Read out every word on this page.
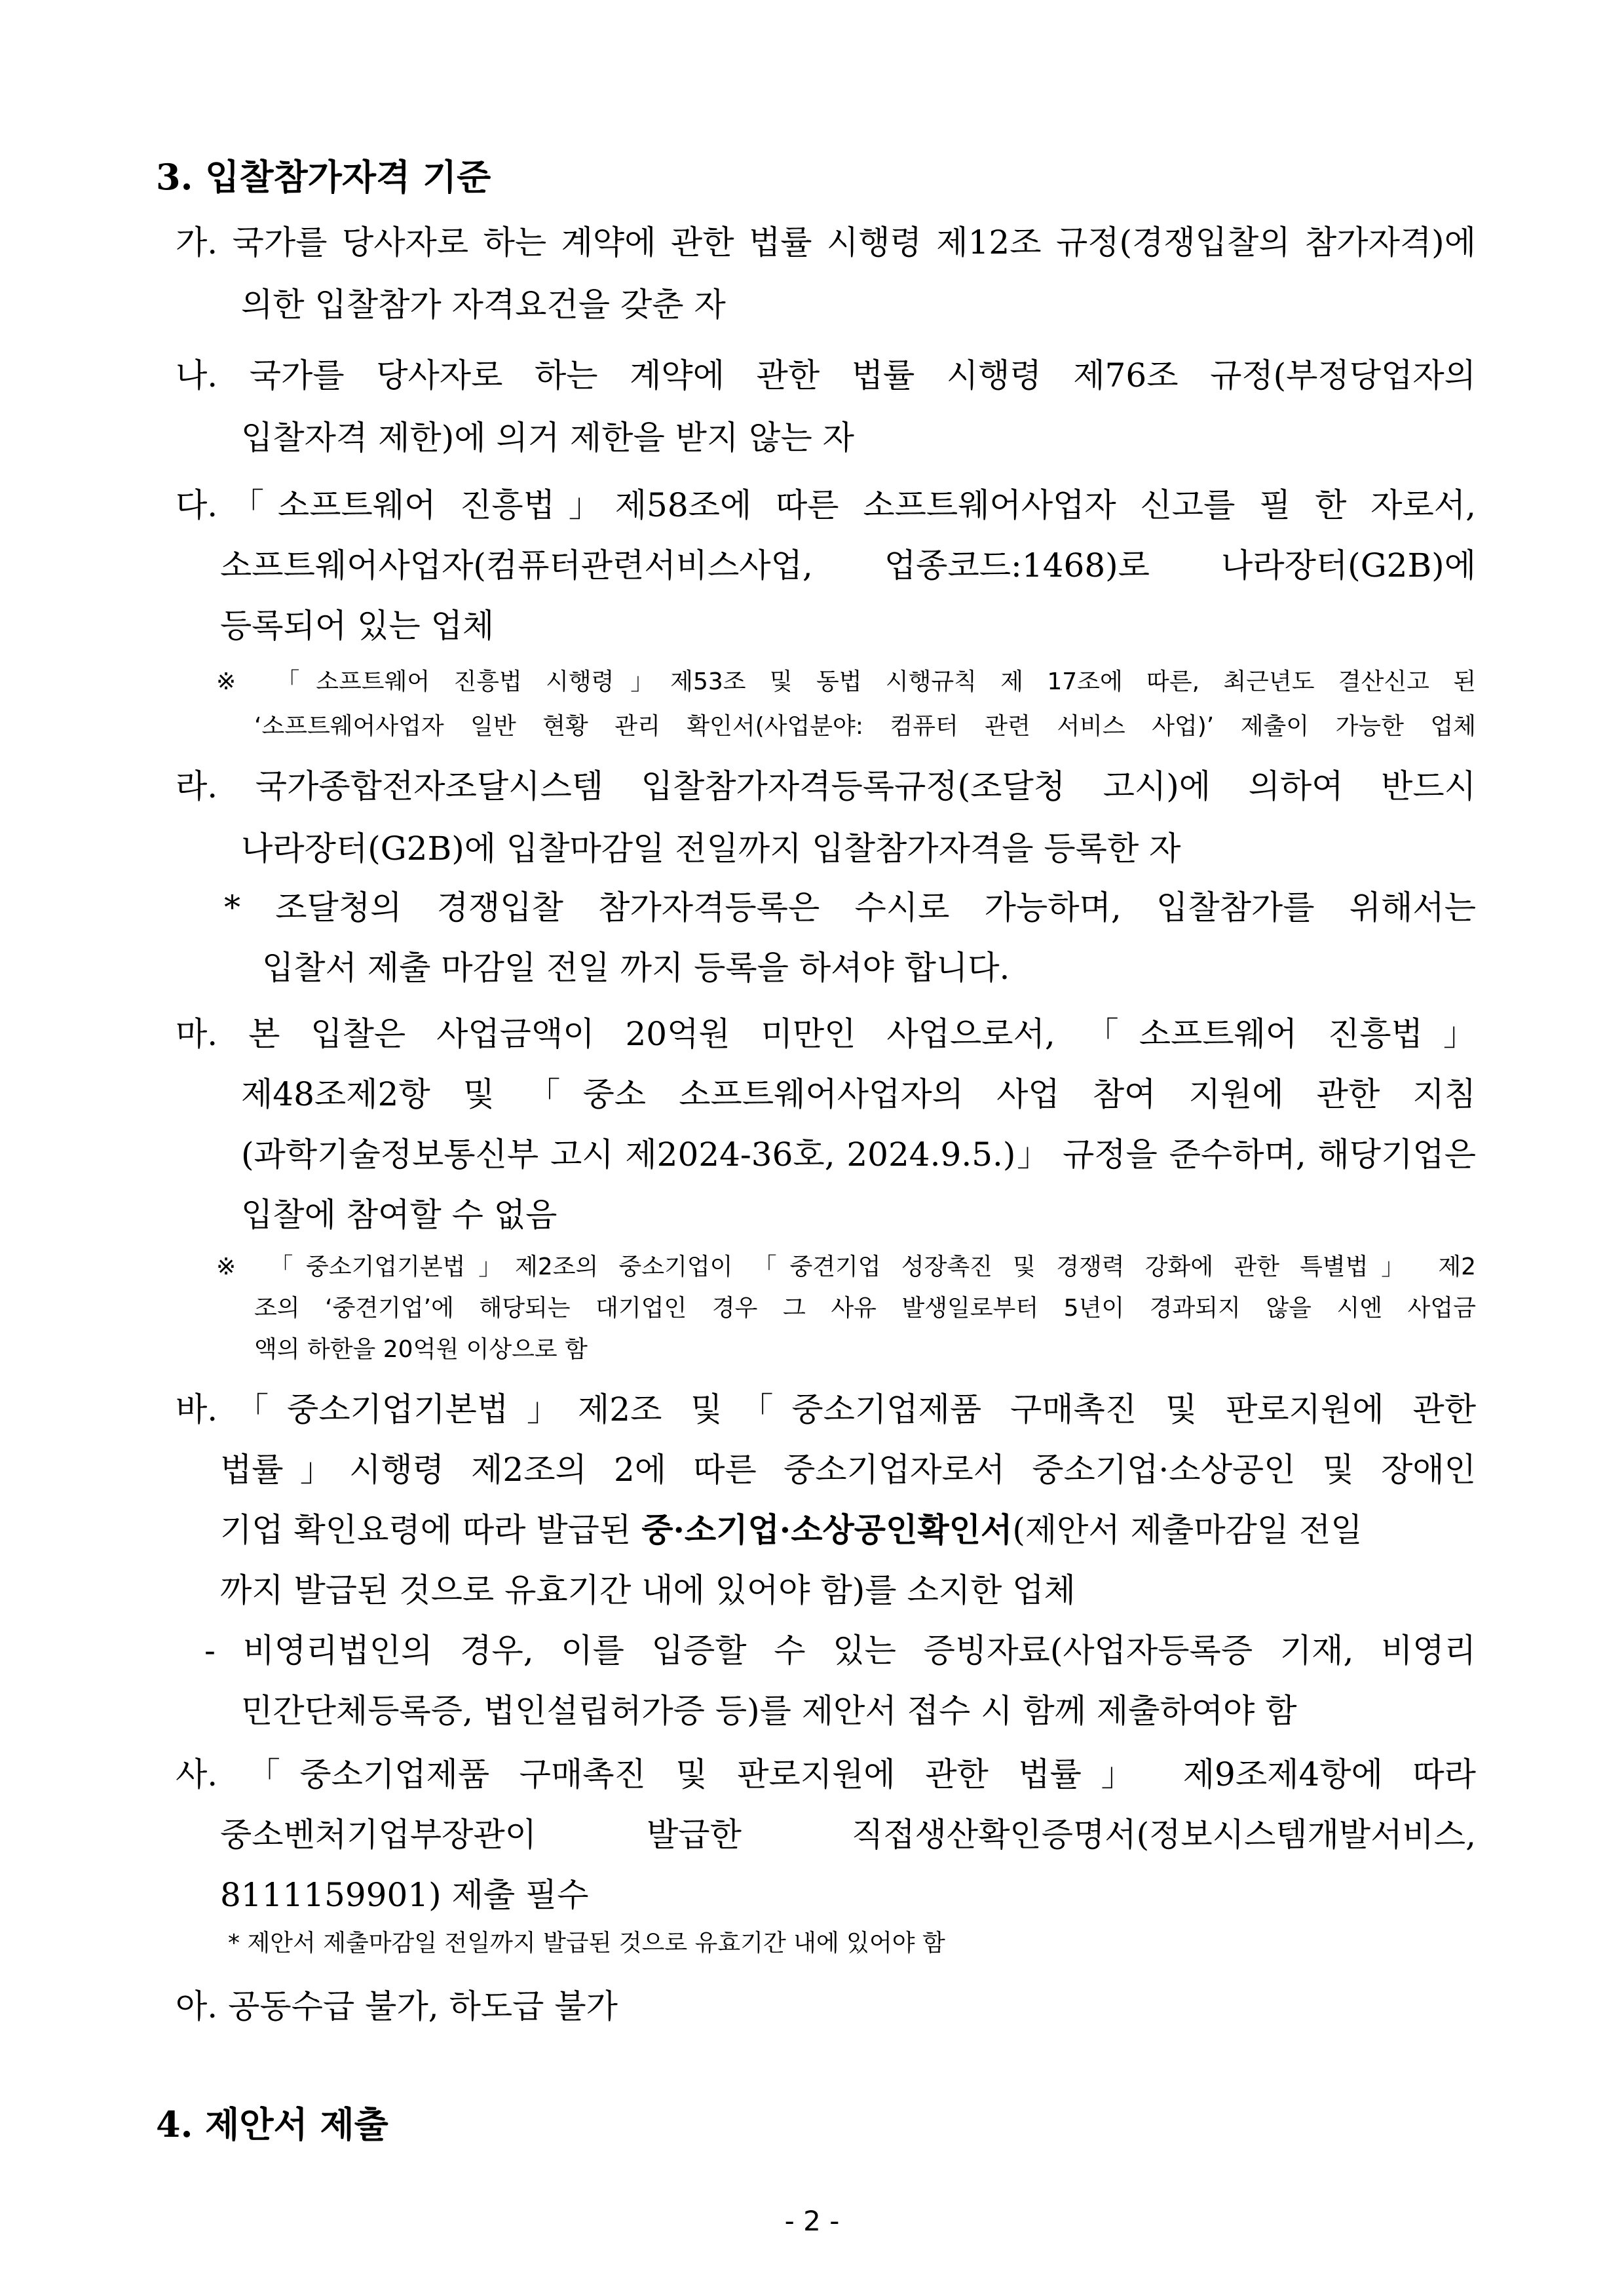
3. 입찰참가자격 기준
가. 국가를 당사자로 하는 계약에 관한 법률 시행령 제12조 규정(경쟁입찰의 참가자격)에
의한 입찰참가 자격요건을 갖춘 자
나. 국가를 당사자로 하는 계약에 관한 법률 시행령 제76조 규정(부정당업자의
입찰자격 제한)에 의거 제한을 받지 않는 자
다.「소프트웨어 진흥법」제58조에 따른 소프트웨어사업자 신고를 필 한 자로서,
소프트웨어사업자(컴퓨터관련서비스사업, 업종코드:1468)로 나라장터(G2B)에
등록되어 있는 업체
※ 「소프트웨어 진흥법 시행령」제53조 및 동법 시행규칙 제 17조에 따른, 최근년도 결산신고 된
‘소프트웨어사업자 일반 현황 관리 확인서(사업분야: 컴퓨터 관련 서비스 사업)’ 제출이 가능한 업체
라. 국가종합전자조달시스템 입찰참가자격등록규정(조달청 고시)에 의하여 반드시
나라장터(G2B)에 입찰마감일 전일까지 입찰참가자격을 등록한 자
* 조달청의 경쟁입찰 참가자격등록은 수시로 가능하며, 입찰참가를 위해서는
입찰서 제출 마감일 전일 까지 등록을 하셔야 합니다.
마. 본 입찰은 사업금액이 20억원 미만인 사업으로서, 「소프트웨어 진흥법」
제48조제2항 및 「중소 소프트웨어사업자의 사업 참여 지원에 관한 지침
(과학기술정보통신부 고시 제2024-36호, 2024.9.5.)」 규정을 준수하며, 해당기업은
입찰에 참여할 수 없음
※ 「중소기업기본법」제2조의 중소기업이 「중견기업 성장촉진 및 경쟁력 강화에 관한 특별법」 제2
조의 ‘중견기업’에 해당되는 대기업인 경우 그 사유 발생일로부터 5년이 경과되지 않을 시엔 사업금
액의 하한을 20억원 이상으로 함
바.「중소기업기본법」제2조 및「중소기업제품 구매촉진 및 판로지원에 관한
법률」시행령 제2조의 2에 따른 중소기업자로서 중소기업·소상공인 및 장애인
기업 확인요령에 따라 발급된 중·소기업·소상공인확인서(제안서 제출마감일 전일
까지 발급된 것으로 유효기간 내에 있어야 함)를 소지한 업체
- 비영리법인의 경우, 이를 입증할 수 있는 증빙자료(사업자등록증 기재, 비영리
민간단체등록증, 법인설립허가증 등)를 제안서 접수 시 함께 제출하여야 함
사. 「중소기업제품 구매촉진 및 판로지원에 관한 법률」 제9조제4항에 따라
중소벤처기업부장관이 발급한 직접생산확인증명서(정보시스템개발서비스,
8111159901) 제출 필수
* 제안서 제출마감일 전일까지 발급된 것으로 유효기간 내에 있어야 함
아. 공동수급 불가, 하도급 불가
4. 제안서 제출
- 2 -
